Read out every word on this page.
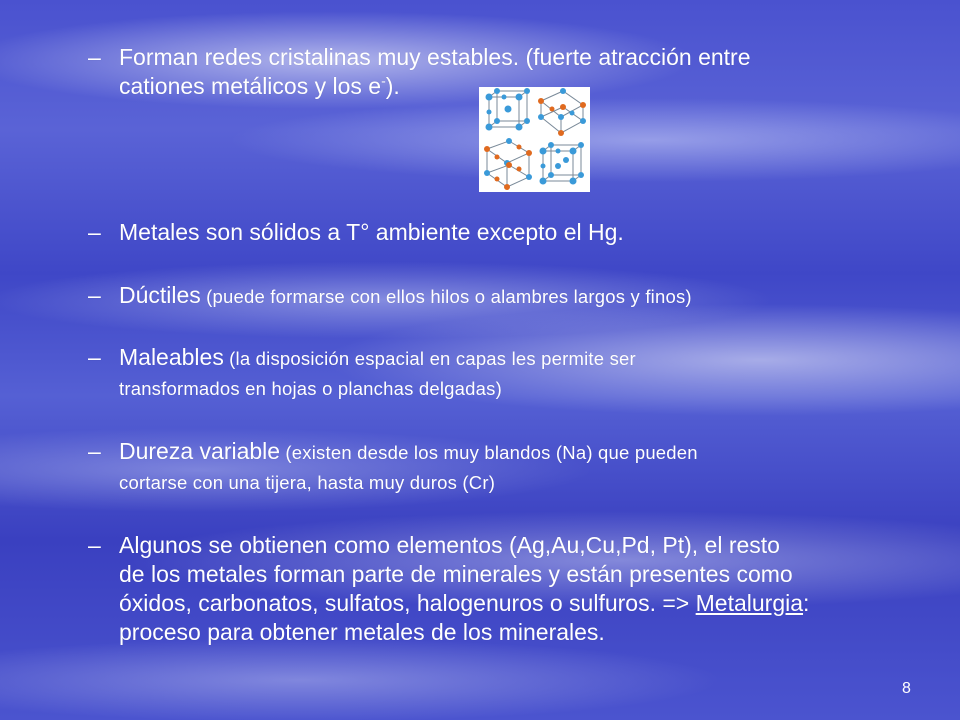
– Forman redes cristalinas muy estables. (fuerte atracción entre
cationes metálicos y los e-).
– Metales son sólidos a T° ambiente excepto el Hg.
– Dúctiles (puede formarse con ellos hilos o alambres largos y finos)
– Maleables (la disposición espacial en capas les permite ser
transformados en hojas o planchas delgadas)
– Dureza variable (existen desde los muy blandos (Na) que pueden
cortarse con una tijera, hasta muy duros (Cr)
– Algunos se obtienen como elementos (Ag,Au,Cu,Pd, Pt), el resto
de los metales forman parte de minerales y están presentes como
óxidos, carbonatos, sulfatos, halogenuros o sulfuros. => Metalurgia:
proceso para obtener metales de los minerales.
8
